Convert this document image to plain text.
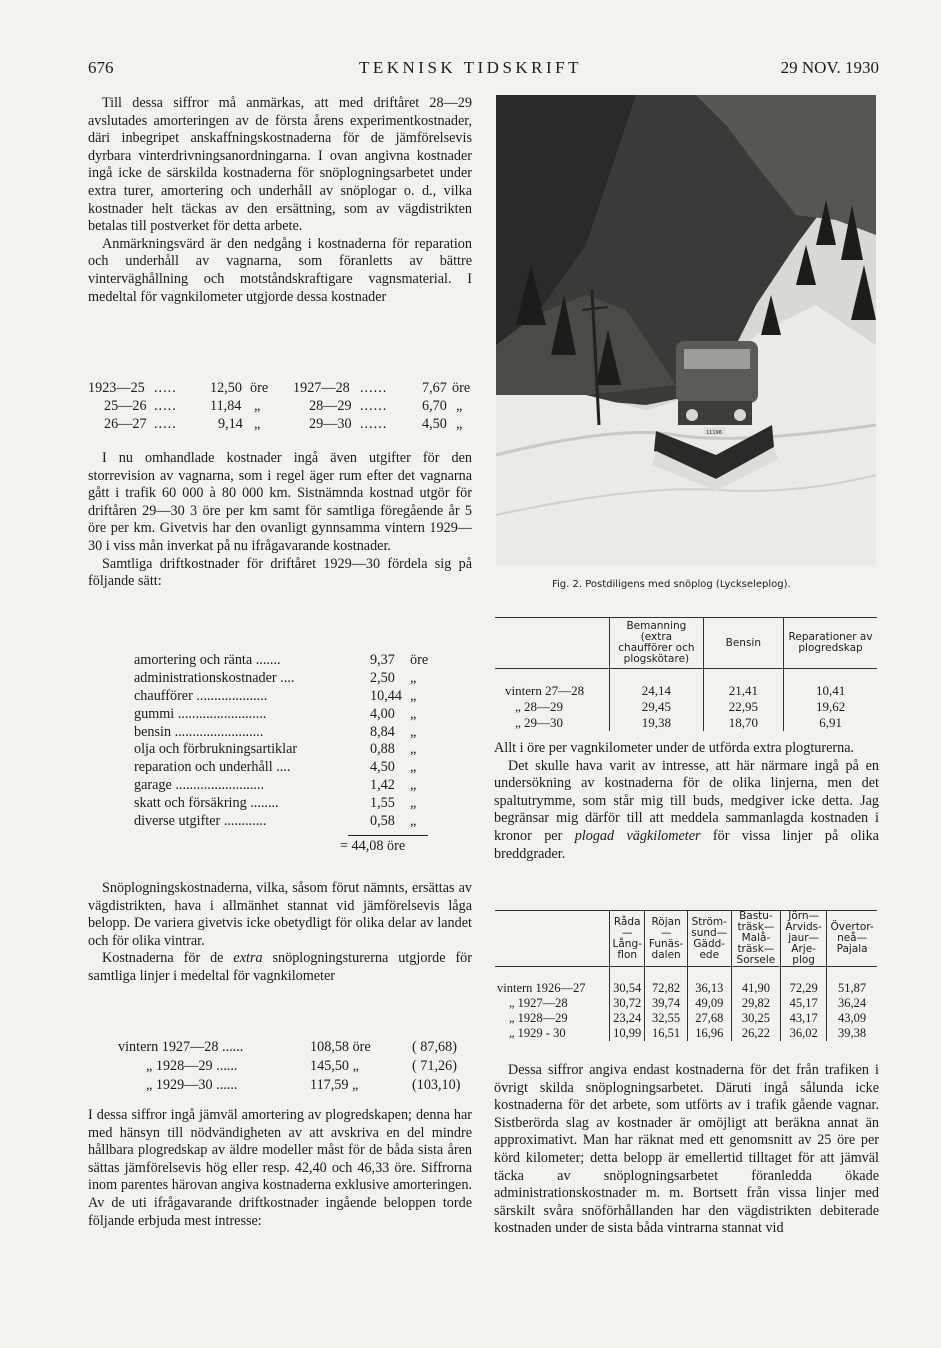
TEKNISK TIDSKRIFT
676	29 NOV. 1930

Till dessa siffror må anmärkas, att med driftåret 28—29 avslutades amorteringen av de första årens experimentkostnader, däri inbegripet anskaffningskostnaderna för de jämförelsevis dyrbara vinterdrivningsanordningarna. I ovan angivna kostnader ingå icke de särskilda kostnaderna för snöplogningsarbetet under extra turer, amortering och underhåll av snöplogar o. d., vilka kostnader helt täckas av den ersättning, som av vägdistrikten betalas till postverket för detta arbete.

Anmärkningsvärd är den nedgång i kostnaderna för reparation och underhåll av vagnarna, som föranletts av bättre vinterväghållning och motståndskraftigare vagnsmaterial. I medeltal för vagnkilometer utgjorde dessa kostnader

1923—25 ..... 12,50 öre 1927—28 ...... 7,67 öre
25—26 ..... 11,84 „	28—29 ...... 6,70 „
26—27 .....	9,14 „	29—30 ...... 4,50 „

I nu omhandlade kostnader ingå även utgifter för den storrevision av vagnarna, som i regel äger rum efter det vagnarna gått i trafik 60 000 à 80 000 km. Sistnämnda kostnad utgör för driftåren 29—30 3 öre per km samt för samtliga föregående år 5 öre per km. Givetvis har den ovanligt gynnsamma vintern 1929—30 i viss mån inverkat på nu ifrågavarande kostnader.

Samtliga driftkostnader för driftåret 1929—30 fördela sig på följande sätt:

amortering och ränta .......	9,37 öre
administrationskostnader ....	2,50 „
chaufförer ....................	10,44 „
gummi .........................	4,00 „
bensin .........................	8,84 „
olja och förbrukningsartiklar	0,88 „
reparation och underhåll ....	4,50 „
garage .........................	1,42 „
skatt och försäkring ........	1,55 „
diverse utgifter ............	0,58 „
= 44,08 öre

Snöplogningskostnaderna, vilka, såsom förut nämnts, ersättas av vägdistrikten, hava i allmänhet stannat vid jämförelsevis låga belopp. De variera givetvis icke obetydligt för olika delar av landet och för olika vintrar.

Kostnaderna för de extra snöplogningsturerna utgjorde för samtliga linjer i medeltal för vagnkilometer

vintern 1927—28 ......	108,58 öre	( 87,68)
„ 1928—29 ......	145,50 „	( 71,26)
„ 1929—30 ......	117,59 „	(103,10)

I dessa siffror ingå jämväl amortering av plogredskapen; denna har med hänsyn till nödvändigheten av att avskriva en del mindre hållbara plogredskap av äldre modeller måst för de båda sista åren sättas jämförelsevis hög eller resp. 42,40 och 46,33 öre. Siffrorna inom parentes härovan angiva kostnaderna exklusive amorteringen. Av de uti ifrågavarande driftkostnader ingående beloppen torde följande erbjuda mest intresse:

11196
Fig. 2. Postdiligens med snöplog (Lyckseleplog).
	Bemanning (extra chaufförer och plogskötare)	Bensin	Reparationer av plogredskap

vintern 27—28	24,14	21,41	10,41
„ 28—29	29,45	22,95	19,62
„ 29—30	19,38	18,70	6,91

Allt i öre per vagnkilometer under de utförda extra plogturerna.

Det skulle hava varit av intresse, att här närmare ingå på en undersökning av kostnaderna för de olika linjerna, men det spaltutrymme, som står mig till buds, medgiver icke detta. Jag begränsar mig därför till att meddela sammanlagda kostnaden i kronor per plogad vägkilometer för vissa linjer på olika breddgrader.

	Råda—Lång-flon	Röjan—Funäs-dalen	Ström-sund—Gädd-ede	Bastu-träsk—Malå-träsk—Sorsele	Jörn—Arvids-jaur—Arje-plog	Övertor-neå—Pajala

vintern 1926—27	30,54	72,82	36,13	41,90	72,29	51,87
„ 1927—28	30,72	39,74	49,09	29,82	45,17	36,24
„ 1928—29	23,24	32,55	27,68	30,25	43,17	43,09
„ 1929 - 30	10,99	16,51	16,96	26,22	36,02	39,38

Dessa siffror angiva endast kostnaderna för det från trafiken i övrigt skilda snöplogningsarbetet. Däruti ingå sålunda icke kostnaderna för det arbete, som utförts av i trafik gående vagnar. Sistberörda slag av kostnader är omöjligt att beräkna annat än approximativt. Man har räknat med ett genomsnitt av 25 öre per körd kilometer; detta belopp är emellertid tilltaget för att jämväl täcka av snöplogningsarbetet föranledda ökade administrationskostnader m. m. Bortsett från vissa linjer med särskilt svåra snöförhållanden har den vägdistrikten debiterade kostnaden under de sista båda vintrarna stannat vid
